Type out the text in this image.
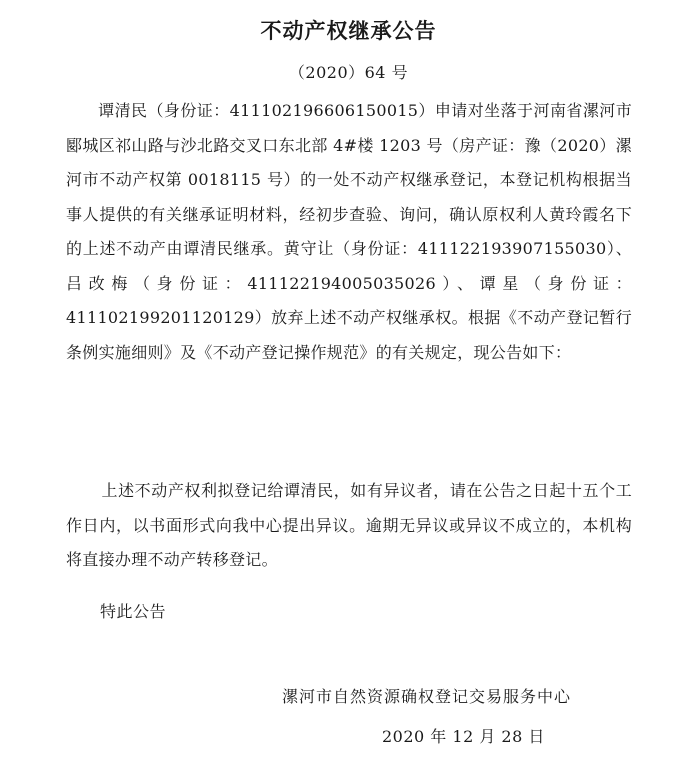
不动产权继承公告
（2020）64 号

谭清民（身份证：411102196606150015）申请对坐落于河南省漯河市郾城区祁山路与沙北路交叉口东北部 4#楼 1203 号（房产证：豫（2020）漯河市不动产权第 0018115 号）的一处不动产权继承登记，本登记机构根据当事人提供的有关继承证明材料，经初步查验、询问，确认原权利人黄玲霞名下的上述不动产由谭清民继承。黄守让（身份证：411122193907155030）、吕改梅（身份证：411122194005035026）、谭星（身份证：411102199201120129）放弃上述不动产权继承权。根据《不动产登记暂行条例实施细则》及《不动产登记操作规范》的有关规定，现公告如下：

上述不动产权利拟登记给谭清民，如有异议者，请在公告之日起十五个工作日内，以书面形式向我中心提出异议。逾期无异议或异议不成立的，本机构将直接办理不动产转移登记。

特此公告
漯河市自然资源确权登记交易服务中心
2020 年 12 月 28 日
